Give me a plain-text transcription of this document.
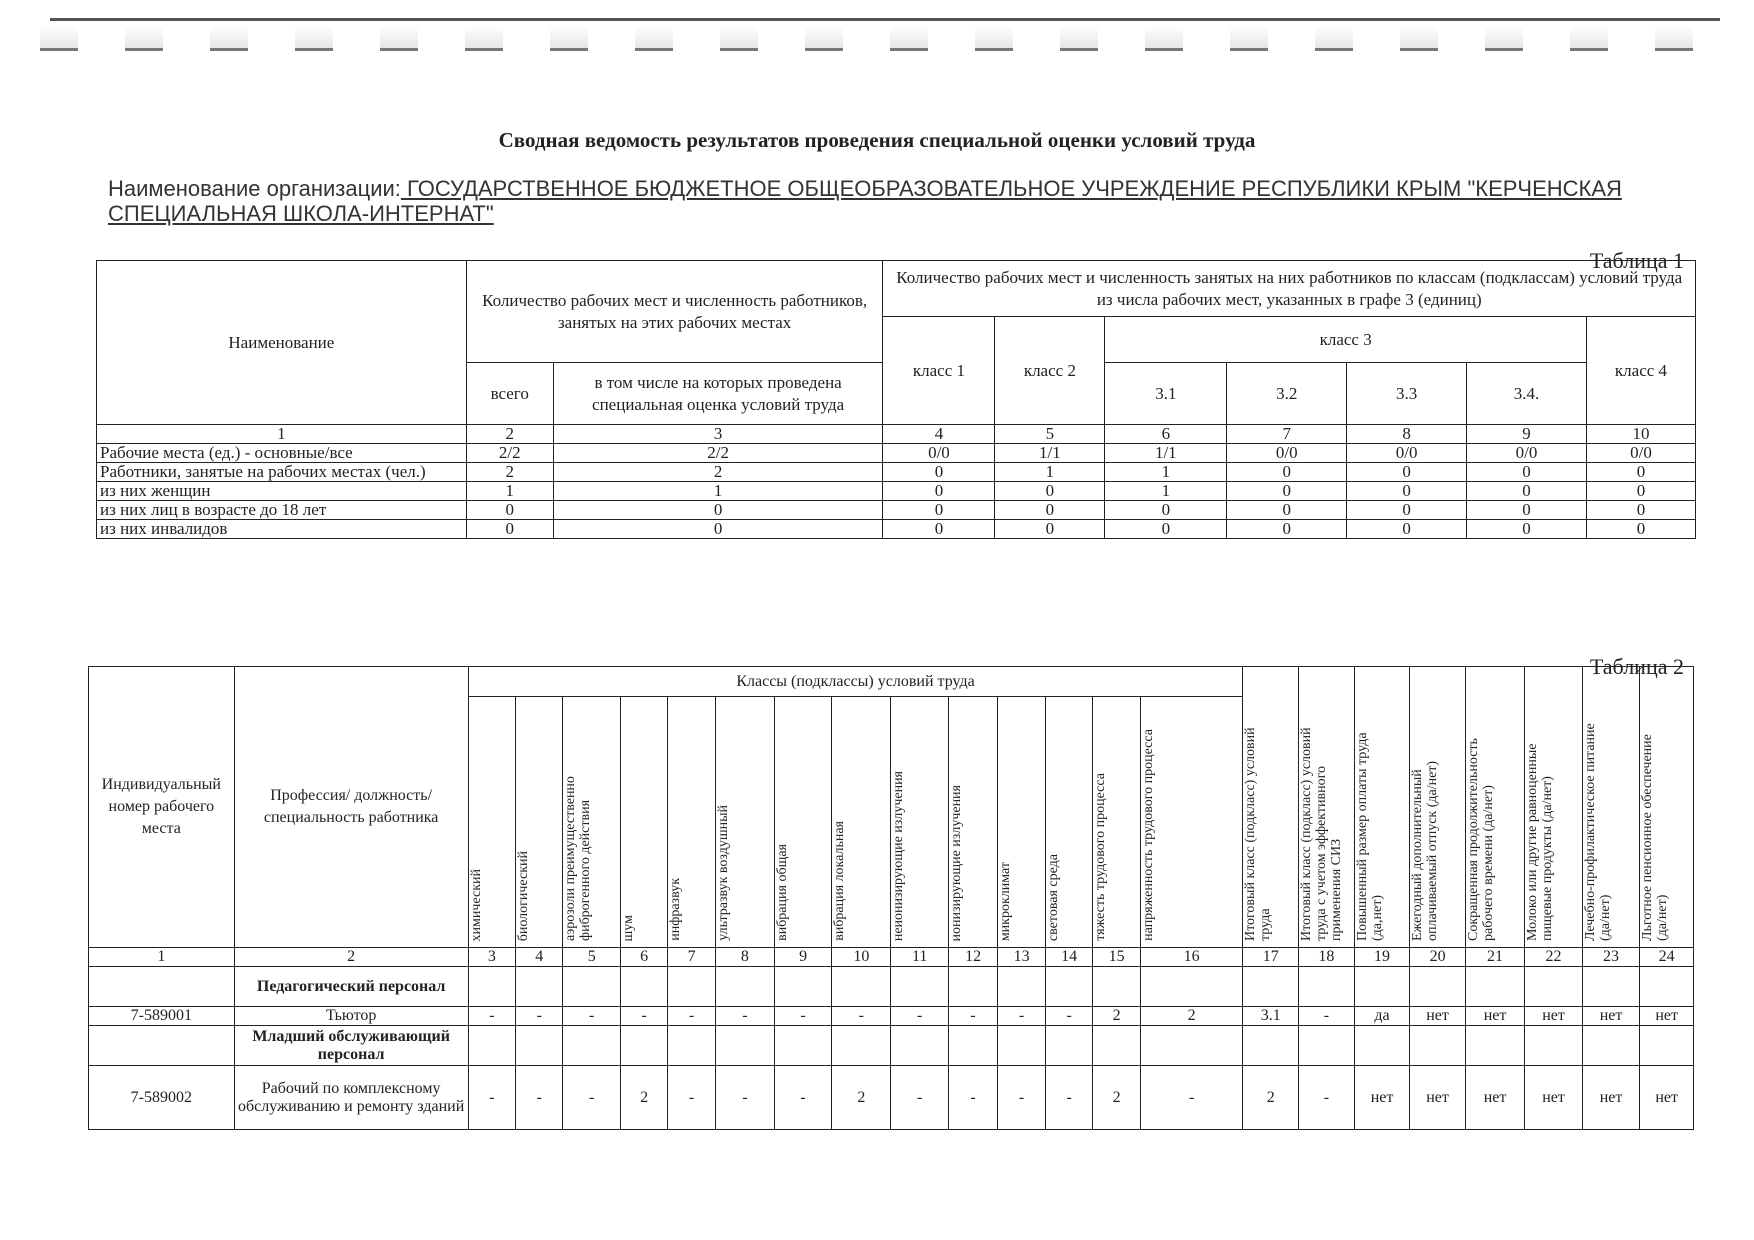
Сводная ведомость результатов проведения специальной оценки условий труда
Наименование организации: ГОСУДАРСТВЕННОЕ БЮДЖЕТНОЕ ОБЩЕОБРАЗОВАТЕЛЬНОЕ УЧРЕЖДЕНИЕ РЕСПУБЛИКИ КРЫМ "КЕРЧЕНСКАЯ СПЕЦИАЛЬНАЯ ШКОЛА-ИНТЕРНАТ"
Таблица 1
Наименование	Количество рабочих мест и численность работников, занятых на этих рабочих местах		Количество рабочих мест и численность занятых на них работников по классам (подклассам) условий труда из числа рабочих мест, указанных в графе 3 (единиц)						
			класс 1	класс 2	класс 3				класс 4
	всего	в том числе на которых проведена специальная оценка условий труда			3.1	3.2	3.3	3.4.	

1	2	3	4	5	6	7	8	9	10
Рабочие места (ед.) - основные/все	2/2	2/2	0/0	1/1	1/1	0/0	0/0	0/0	0/0
Работники, занятые на рабочих местах (чел.)	2	2	0	1	1	0	0	0	0
из них женщин	1	1	0	0	1	0	0	0	0
из них лиц в возрасте до 18 лет	0	0	0	0	0	0	0	0	0
из них инвалидов	0	0	0	0	0	0	0	0	0
Таблица 2
Индивидуальный номер рабочего места	Профессия/ должность/ специальность работника	Классы (подклассы) условий труда														Итоговый класс (подкласс) условий труда	Итоговый класс (подкласс) условий труда с учетом эффективного применения СИЗ	Повышенный размер оплаты труда (да,нет)	Ежегодный дополнительный оплачиваемый отпуск (да/нет)	Сокращенная продолжительность рабочего времени (да/нет)	Молоко или другие равноценные пищевые продукты (да/нет)	Лечебно-профилактическое питание (да/нет)	Льготное пенсионное обеспечение (да/нет)

		химический	биологический	аэрозоли преимущественно фиброгенного действия	шум	инфразвук	ультразвук воздушный	вибрация общая	вибрация локальная	неионизирующие излучения	ионизирующие излучения	микроклимат	световая среда	тяжесть трудового процесса	напряженность трудового процесса								

1	2	3	4	5	6	7	8	9	10	11	12	13	14	15	16	17	18	19	20	21	22	23	24
	Педагогический персонал																						
7-589001	Тьютор	-	-	-	-	-	-	-	-	-	-	-	-	2	2	3.1	-	да	нет	нет	нет	нет	нет
	Младший обслуживающий персонал																						
7-589002	Рабочий по комплексному обслуживанию и ремонту зданий	-	-	-	2	-	-	-	2	-	-	-	-	2	-	2	-	нет	нет	нет	нет	нет	нет
